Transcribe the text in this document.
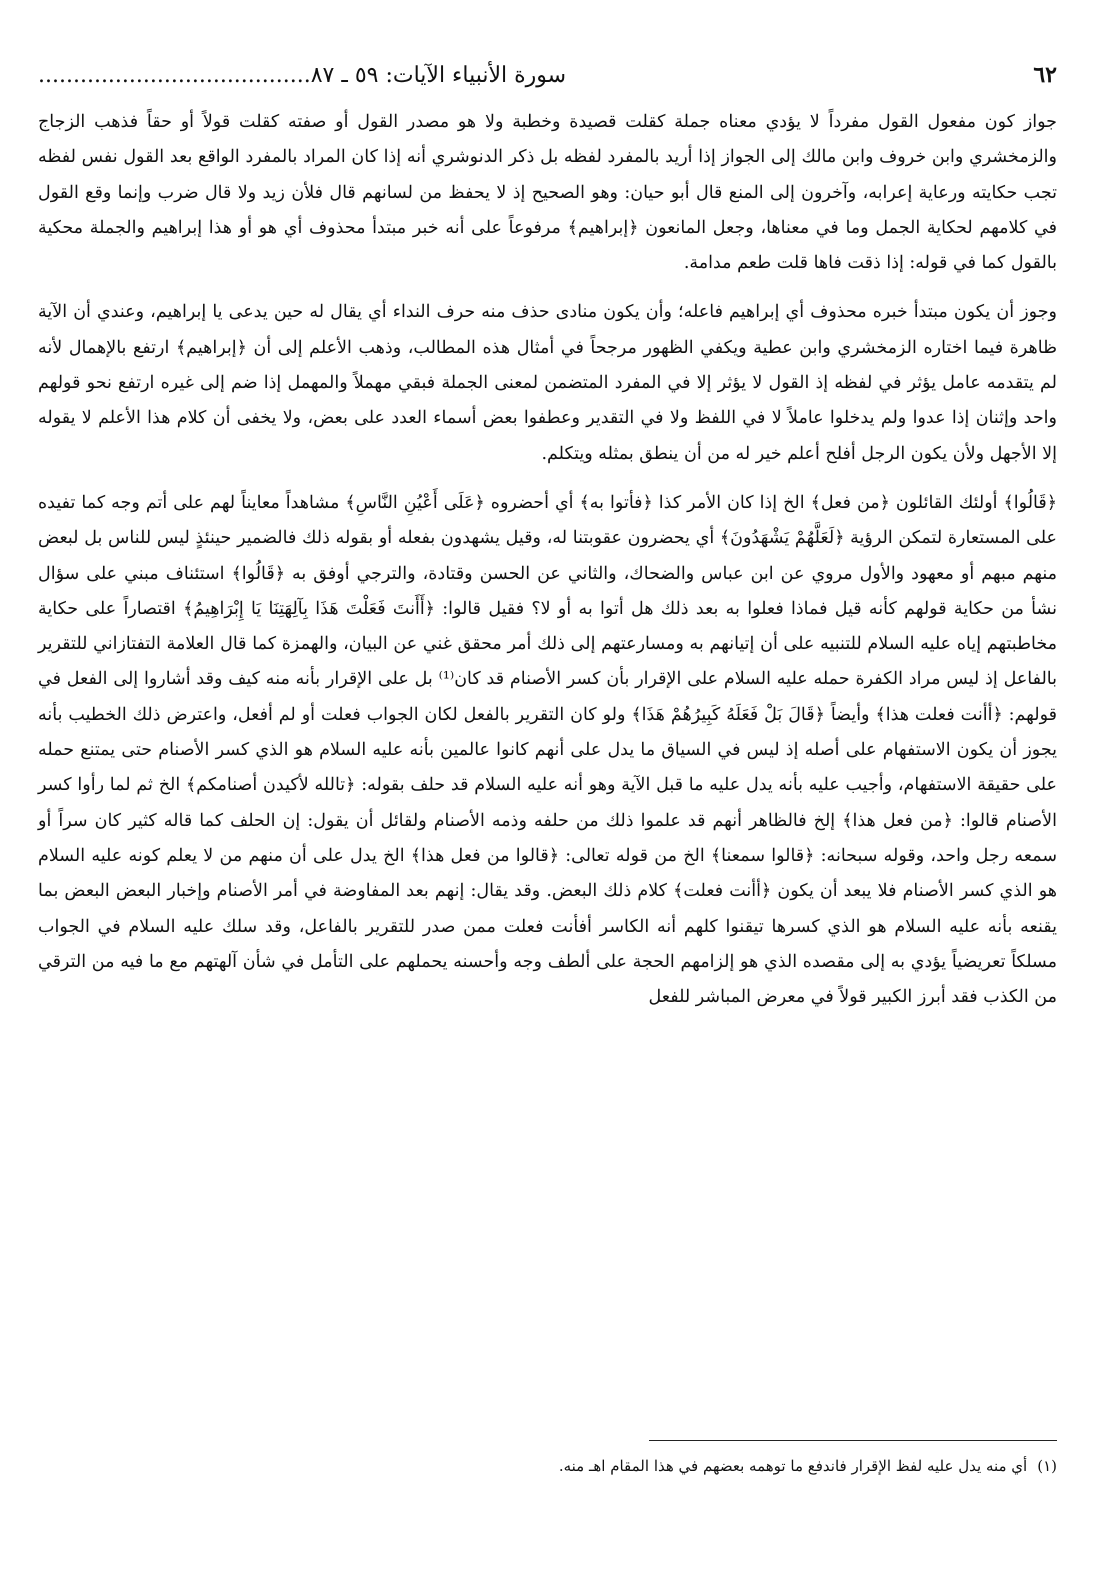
٦٢
سورة الأنبياء الآيات: ٥٩ ـ ٨٧.......................................

جواز كون مفعول القول مفرداً لا يؤدي معناه جملة كقلت قصيدة وخطبة ولا هو مصدر القول أو صفته كقلت قولاً أو حقاً فذهب الزجاج والزمخشري وابن خروف وابن مالك إلى الجواز إذا أريد بالمفرد لفظه بل ذكر الدنوشري أنه إذا كان المراد بالمفرد الواقع بعد القول نفس لفظه تجب حكايته ورعاية إعرابه، وآخرون إلى المنع قال أبو حيان: وهو الصحيح إذ لا يحفظ من لسانهم قال فلأن زيد ولا قال ضرب وإنما وقع القول في كلامهم لحكاية الجمل وما في معناها، وجعل المانعون ﴿إبراهيم﴾ مرفوعاً على أنه خبر مبتدأ محذوف أي هو أو هذا إبراهيم والجملة محكية بالقول كما في قوله: إذا ذقت فاها قلت طعم مدامة.

وجوز أن يكون مبتدأ خبره محذوف أي إبراهيم فاعله؛ وأن يكون منادى حذف منه حرف النداء أي يقال له حين يدعى يا إبراهيم، وعندي أن الآية ظاهرة فيما اختاره الزمخشري وابن عطية ويكفي الظهور مرجحاً في أمثال هذه المطالب، وذهب الأعلم إلى أن ﴿إبراهيم﴾ ارتفع بالإهمال لأنه لم يتقدمه عامل يؤثر في لفظه إذ القول لا يؤثر إلا في المفرد المتضمن لمعنى الجملة فبقي مهملاً والمهمل إذا ضم إلى غيره ارتفع نحو قولهم واحد وإثنان إذا عدوا ولم يدخلوا عاملاً لا في اللفظ ولا في التقدير وعطفوا بعض أسماء العدد على بعض، ولا يخفى أن كلام هذا الأعلم لا يقوله إلا الأجهل ولأن يكون الرجل أفلح أعلم خير له من أن ينطق بمثله ويتكلم.

﴿قَالُوا﴾ أولئك القائلون ﴿من فعل﴾ الخ إذا كان الأمر كذا ﴿فأتوا به﴾ أي أحضروه ﴿عَلَى أَعْيُنِ النَّاسِ﴾ مشاهداً معايناً لهم على أتم وجه كما تفيده على المستعارة لتمكن الرؤية ﴿لَعَلَّهُمْ يَشْهَدُونَ﴾ أي يحضرون عقوبتنا له، وقيل يشهدون بفعله أو بقوله ذلك فالضمير حينئذٍ ليس للناس بل لبعض منهم مبهم أو معهود والأول مروي عن ابن عباس والضحاك، والثاني عن الحسن وقتادة، والترجي أوفق به ﴿قَالُوا﴾ استئناف مبني على سؤال نشأ من حكاية قولهم كأنه قيل فماذا فعلوا به بعد ذلك هل أتوا به أو لا؟ فقيل قالوا: ﴿أَأَنتَ فَعَلْتَ هَذَا بِآلِهَتِنَا يَا إِبْرَاهِيمُ﴾ اقتصاراً على حكاية مخاطبتهم إياه عليه السلام للتنبيه على أن إتيانهم به ومسارعتهم إلى ذلك أمر محقق غني عن البيان، والهمزة كما قال العلامة التفتازاني للتقرير بالفاعل إذ ليس مراد الكفرة حمله عليه السلام على الإقرار بأن كسر الأصنام قد كان⁽¹⁾ بل على الإقرار بأنه منه كيف وقد أشاروا إلى الفعل في قولهم: ﴿أأنت فعلت هذا﴾ وأيضاً ﴿قَالَ بَلْ فَعَلَهُ كَبِيرُهُمْ هَذَا﴾ ولو كان التقرير بالفعل لكان الجواب فعلت أو لم أفعل، واعترض ذلك الخطيب بأنه يجوز أن يكون الاستفهام على أصله إذ ليس في السياق ما يدل على أنهم كانوا عالمين بأنه عليه السلام هو الذي كسر الأصنام حتى يمتنع حمله على حقيقة الاستفهام، وأجيب عليه بأنه يدل عليه ما قبل الآية وهو أنه عليه السلام قد حلف بقوله: ﴿تالله لأكيدن أصنامكم﴾ الخ ثم لما رأوا كسر الأصنام قالوا: ﴿من فعل هذا﴾ إلخ فالظاهر أنهم قد علموا ذلك من حلفه وذمه الأصنام ولقائل أن يقول: إن الحلف كما قاله كثير كان سراً أو سمعه رجل واحد، وقوله سبحانه: ﴿قالوا سمعنا﴾ الخ من قوله تعالى: ﴿قالوا من فعل هذا﴾ الخ يدل على أن منهم من لا يعلم كونه عليه السلام هو الذي كسر الأصنام فلا يبعد أن يكون ﴿أأنت فعلت﴾ كلام ذلك البعض. وقد يقال: إنهم بعد المفاوضة في أمر الأصنام وإخبار البعض البعض بما يقنعه بأنه عليه السلام هو الذي كسرها تيقنوا كلهم أنه الكاسر أفأنت فعلت ممن صدر للتقرير بالفاعل، وقد سلك عليه السلام في الجواب مسلكاً تعريضياً يؤدي به إلى مقصده الذي هو إلزامهم الحجة على ألطف وجه وأحسنه يحملهم على التأمل في شأن آلهتهم مع ما فيه من الترقي من الكذب فقد أبرز الكبير قولاً في معرض المباشر للفعل

(١)أي منه يدل عليه لفظ الإقرار فاندفع ما توهمه بعضهم في هذا المقام اهـ منه.
